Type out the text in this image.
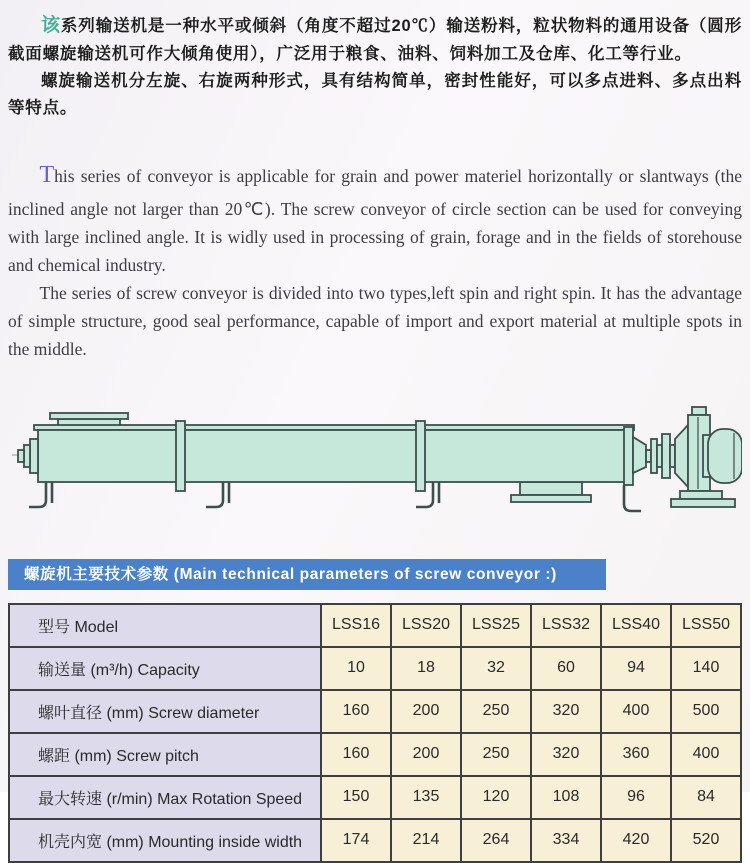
该系列输送机是一种水平或倾斜（角度不超过20℃）输送粉料，粒状物料的通用设备（圆形截面螺旋输送机可作大倾角使用），广泛用于粮食、油料、饲料加工及仓库、化工等行业。

螺旋输送机分左旋、右旋两种形式，具有结构简单，密封性能好，可以多点进料、多点出料等特点。

This series of conveyor is applicable for grain and power materiel horizontally or slantways (the inclined angle not larger than 20℃). The screw conveyor of circle section can be used for conveying with large inclined angle. It is widly used in processing of grain, forage and in the fields of storehouse and chemical industry.

The series of screw conveyor is divided into two types,left spin and right spin. It has the advantage of simple structure, good seal performance, capable of import and export material at multiple spots in the middle.

螺旋机主要技术参数 (Main technical parameters of screw conveyor :)
型号 Model	LSS16	LSS20	LSS25	LSS32	LSS40	LSS50
输送量 (m³/h) Capacity	10	18	32	60	94	140
螺叶直径 (mm) Screw diameter	160	200	250	320	400	500
螺距 (mm) Screw pitch	160	200	250	320	360	400
最大转速 (r/min) Max Rotation Speed	150	135	120	108	96	84
机壳内宽 (mm) Mounting inside width	174	214	264	334	420	520
